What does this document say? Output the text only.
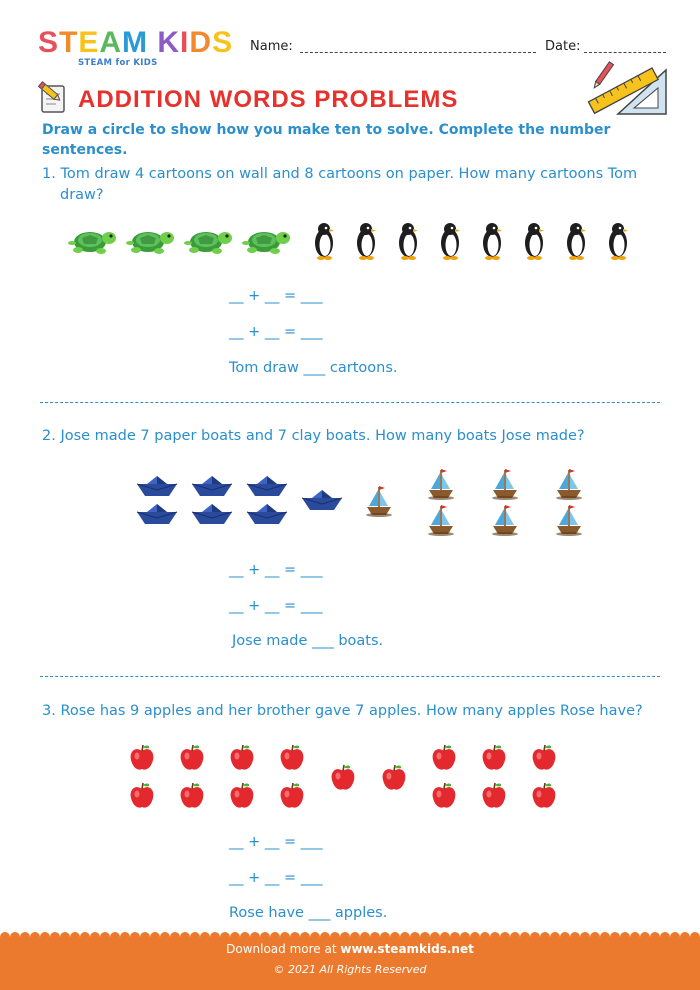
STEAM KIDS
STEAM for KIDS
Name:	Date:
ADDITION WORDS PROBLEMS
Draw a circle to show how you make ten to solve. Complete the number sentences.
1. Tom draw 4 cartoons on wall and 8 cartoons on paper. How many cartoons Tom draw?
__ + __ = ___
__ + __ = ___
Tom draw ___ cartoons.
2. Jose made 7 paper boats and 7 clay boats. How many boats Jose made?
__ + __ = ___
__ + __ = ___
Jose made ___ boats.
3. Rose has 9 apples and her brother gave 7 apples. How many apples Rose have?
__ + __ = ___
__ + __ = ___
Rose have ___ apples.
Download more at www.steamkids.net
© 2021 All Rights Reserved
